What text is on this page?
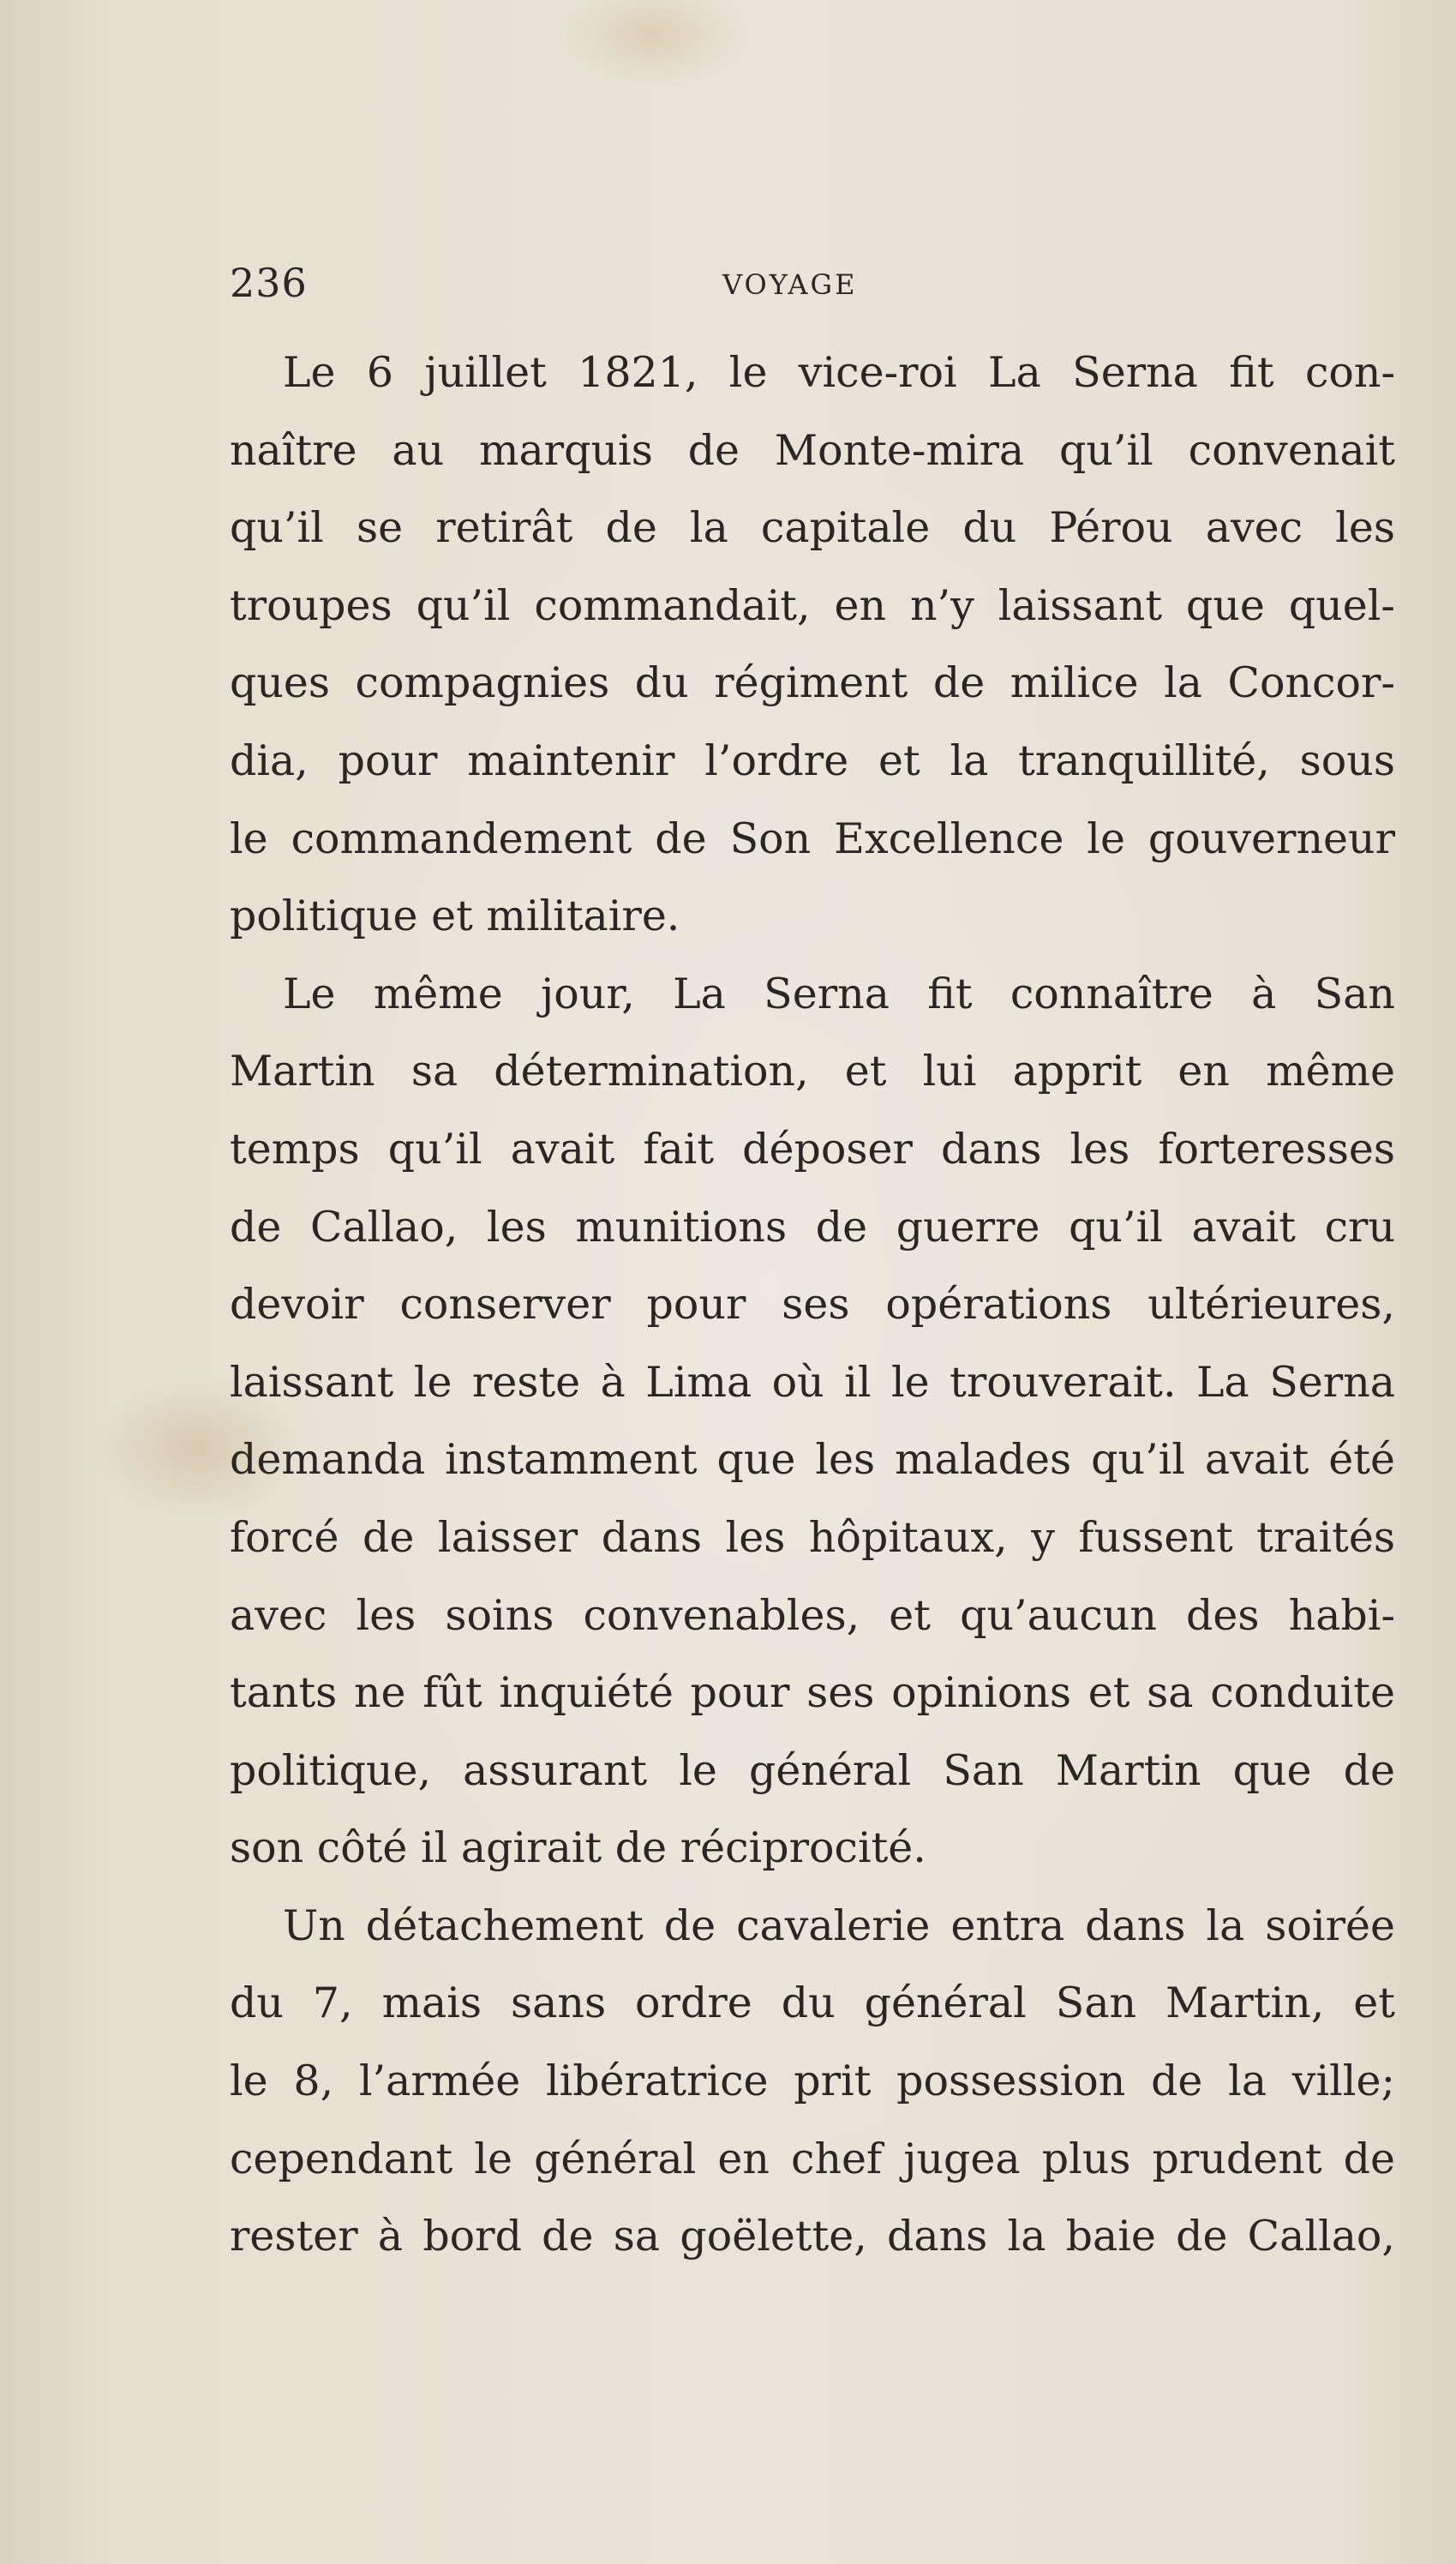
236	VOYAGE
Le 6 juillet 1821, le vice-roi La Serna fit con-
naître au marquis de Monte-mira qu’il convenait
qu’il se retirât de la capitale du Pérou avec les
troupes qu’il commandait, en n’y laissant que quel-
ques compagnies du régiment de milice la Concor-
dia, pour maintenir l’ordre et la tranquillité, sous
le commandement de Son Excellence le gouverneur
politique et militaire.
Le même jour, La Serna fit connaître à San
Martin sa détermination, et lui apprit en même
temps qu’il avait fait déposer dans les forteresses
de Callao, les munitions de guerre qu’il avait cru
devoir conserver pour ses opérations ultérieures,
laissant le reste à Lima où il le trouverait. La Serna
demanda instamment que les malades qu’il avait été
forcé de laisser dans les hôpitaux, y fussent traités
avec les soins convenables, et qu’aucun des habi-
tants ne fût inquiété pour ses opinions et sa conduite
politique, assurant le général San Martin que de
son côté il agirait de réciprocité.
Un détachement de cavalerie entra dans la soirée
du 7, mais sans ordre du général San Martin, et
le 8, l’armée libératrice prit possession de la ville;
cependant le général en chef jugea plus prudent de
rester à bord de sa goëlette, dans la baie de Callao,
